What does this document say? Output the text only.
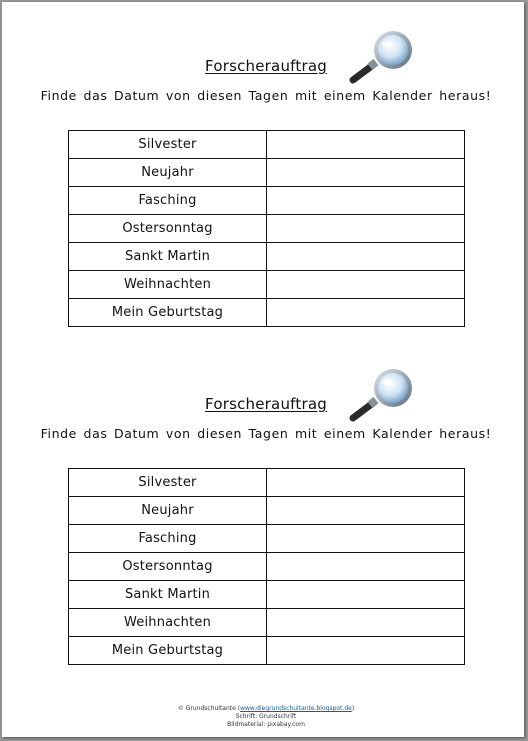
Forscherauftrag
Finde das Datum von diesen Tagen mit einem Kalender heraus!
Silvester	
Neujahr	
Fasching	
Ostersonntag	
Sankt Martin	
Weihnachten	
Mein Geburtstag	
Forscherauftrag
Finde das Datum von diesen Tagen mit einem Kalender heraus!
Silvester	
Neujahr	
Fasching	
Ostersonntag	
Sankt Martin	
Weihnachten	
Mein Geburtstag	
© Grundschultante (www.diegrundschultante.blogspot.de)
Schrift: Grundschrift
Bildmaterial: pixabay.com
